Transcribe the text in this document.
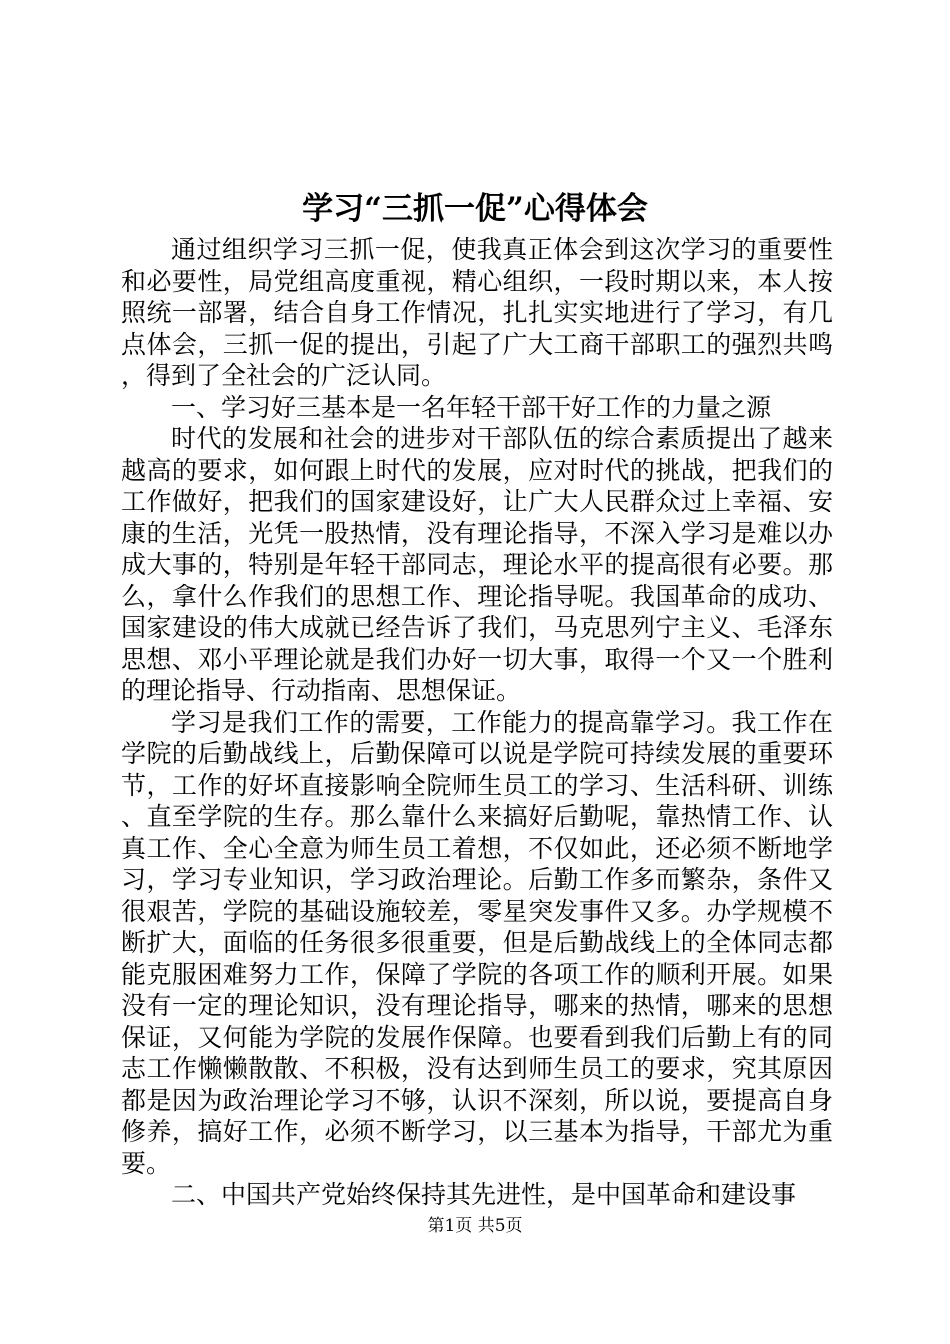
学习“三抓一促”心得体会

通过组织学习三抓一促，使我真正体会到这次学习的重要性和必要性，局党组高度重视，精心组织，一段时期以来，本人按照统一部署，结合自身工作情况，扎扎实实地进行了学习，有几点体会，三抓一促的提出，引起了广大工商干部职工的强烈共鸣，得到了全社会的广泛认同。

一、学习好三基本是一名年轻干部干好工作的力量之源

时代的发展和社会的进步对干部队伍的综合素质提出了越来越高的要求，如何跟上时代的发展，应对时代的挑战，把我们的工作做好，把我们的国家建设好，让广大人民群众过上幸福、安康的生活，光凭一股热情，没有理论指导，不深入学习是难以办成大事的，特别是年轻干部同志，理论水平的提高很有必要。那么，拿什么作我们的思想工作、理论指导呢。我国革命的成功、国家建设的伟大成就已经告诉了我们，马克思列宁主义、毛泽东思想、邓小平理论就是我们办好一切大事，取得一个又一个胜利的理论指导、行动指南、思想保证。

学习是我们工作的需要，工作能力的提高靠学习。我工作在学院的后勤战线上，后勤保障可以说是学院可持续发展的重要环节，工作的好坏直接影响全院师生员工的学习、生活科研、训练、直至学院的生存。那么靠什么来搞好后勤呢，靠热情工作、认真工作、全心全意为师生员工着想，不仅如此，还必须不断地学习，学习专业知识，学习政治理论。后勤工作多而繁杂，条件又很艰苦，学院的基础设施较差，零星突发事件又多。办学规模不断扩大，面临的任务很多很重要，但是后勤战线上的全体同志都能克服困难努力工作，保障了学院的各项工作的顺利开展。如果没有一定的理论知识，没有理论指导，哪来的热情，哪来的思想保证，又何能为学院的发展作保障。也要看到我们后勤上有的同志工作懒懒散散、不积极，没有达到师生员工的要求，究其原因都是因为政治理论学习不够，认识不深刻，所以说，要提高自身修养，搞好工作，必须不断学习，以三基本为指导，干部尤为重要。

二、中国共产党始终保持其先进性，是中国革命和建设事

第1页 共5页
